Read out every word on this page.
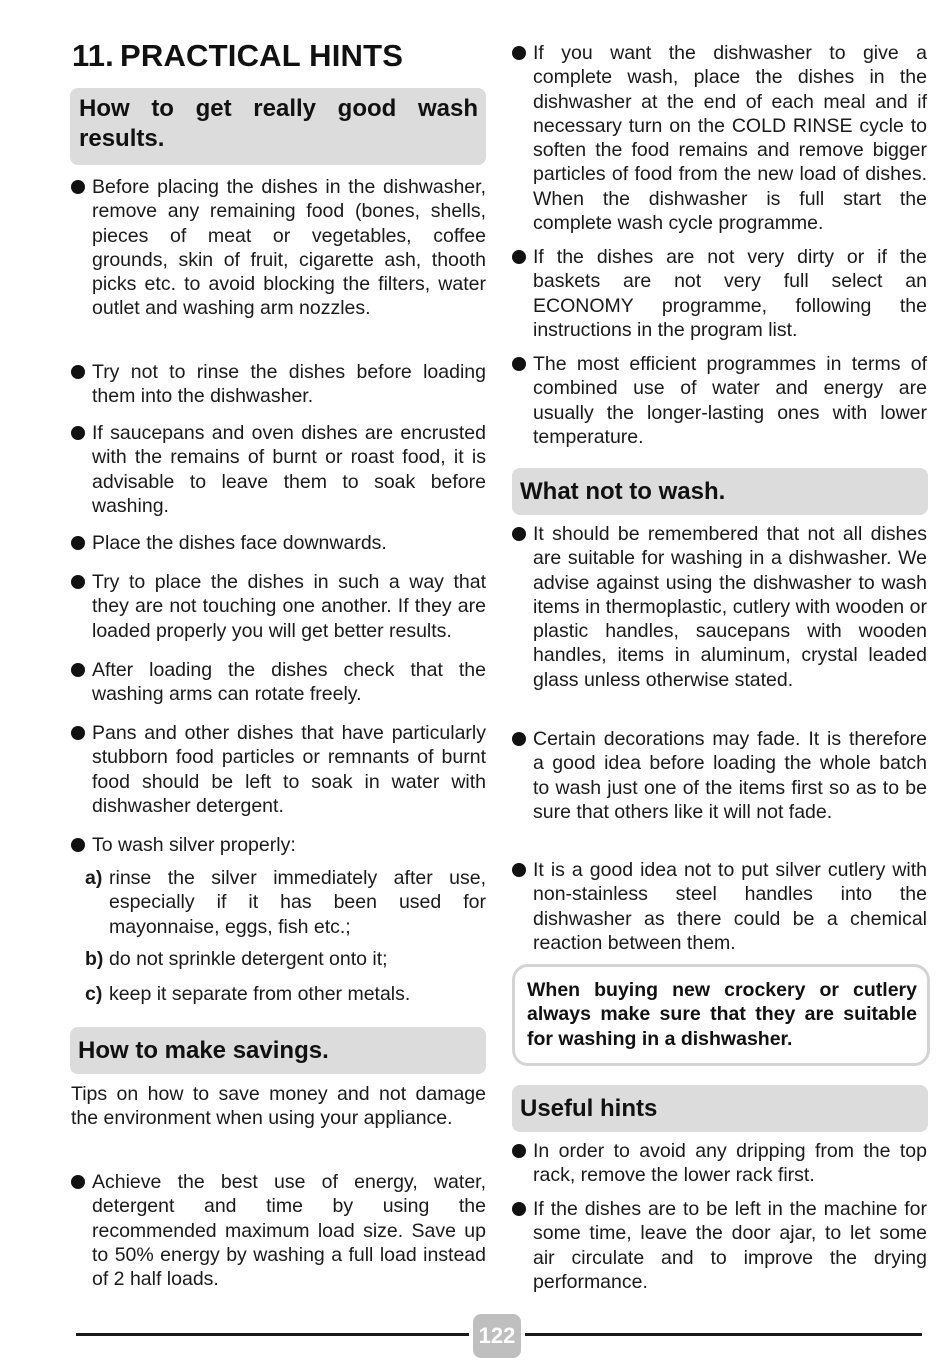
11. PRACTICAL HINTS
How to get really good wash results.
Before placing the dishes in the dishwasher, remove any remaining food (bones, shells, pieces of meat or vegetables, coffee grounds, skin of fruit, cigarette ash, thooth picks etc. to avoid blocking the filters, water outlet and washing arm nozzles.
Try not to rinse the dishes before loading them into the dishwasher.
If saucepans and oven dishes are encrusted with the remains of burnt or roast food, it is advisable to leave them to soak before washing.
Place the dishes face downwards.
Try to place the dishes in such a way that they are not touching one another. If they are loaded properly you will get better results.
After loading the dishes check that the washing arms can rotate freely.
Pans and other dishes that have particularly stubborn food particles or remnants of burnt food should be left to soak in water with dishwasher detergent.
To wash silver properly:
a) rinse the silver immediately after use, especially if it has been used for mayonnaise, eggs, fish etc.;
b) do not sprinkle detergent onto it;
c) keep it separate from other metals.
How to make savings.
Tips on how to save money and not damage the environment when using your appliance.
Achieve the best use of energy, water, detergent and time by using the recommended maximum load size. Save up to 50% energy by washing a full load instead of 2 half loads.
If you want the dishwasher to give a complete wash, place the dishes in the dishwasher at the end of each meal and if necessary turn on the COLD RINSE cycle to soften the food remains and remove bigger particles of food from the new load of dishes. When the dishwasher is full start the complete wash cycle programme.
If the dishes are not very dirty or if the baskets are not very full select an ECONOMY programme, following the instructions in the program list.
The most efficient programmes in terms of combined use of water and energy are usually the longer-lasting ones with lower temperature.
What not to wash.
It should be remembered that not all dishes are suitable for washing in a dishwasher. We advise against using the dishwasher to wash items in thermoplastic, cutlery with wooden or plastic handles, saucepans with wooden handles, items in aluminum, crystal leaded glass unless otherwise stated.
Certain decorations may fade. It is therefore a good idea before loading the whole batch to wash just one of the items first so as to be sure that others like it will not fade.
It is a good idea not to put silver cutlery with non-stainless steel handles into the dishwasher as there could be a chemical reaction between them.
When buying new crockery or cutlery always make sure that they are suitable for washing in a dishwasher.
Useful hints
In order to avoid any dripping from the top rack, remove the lower rack first.
If the dishes are to be left in the machine for some time, leave the door ajar, to let some air circulate and to improve the drying performance.
122
